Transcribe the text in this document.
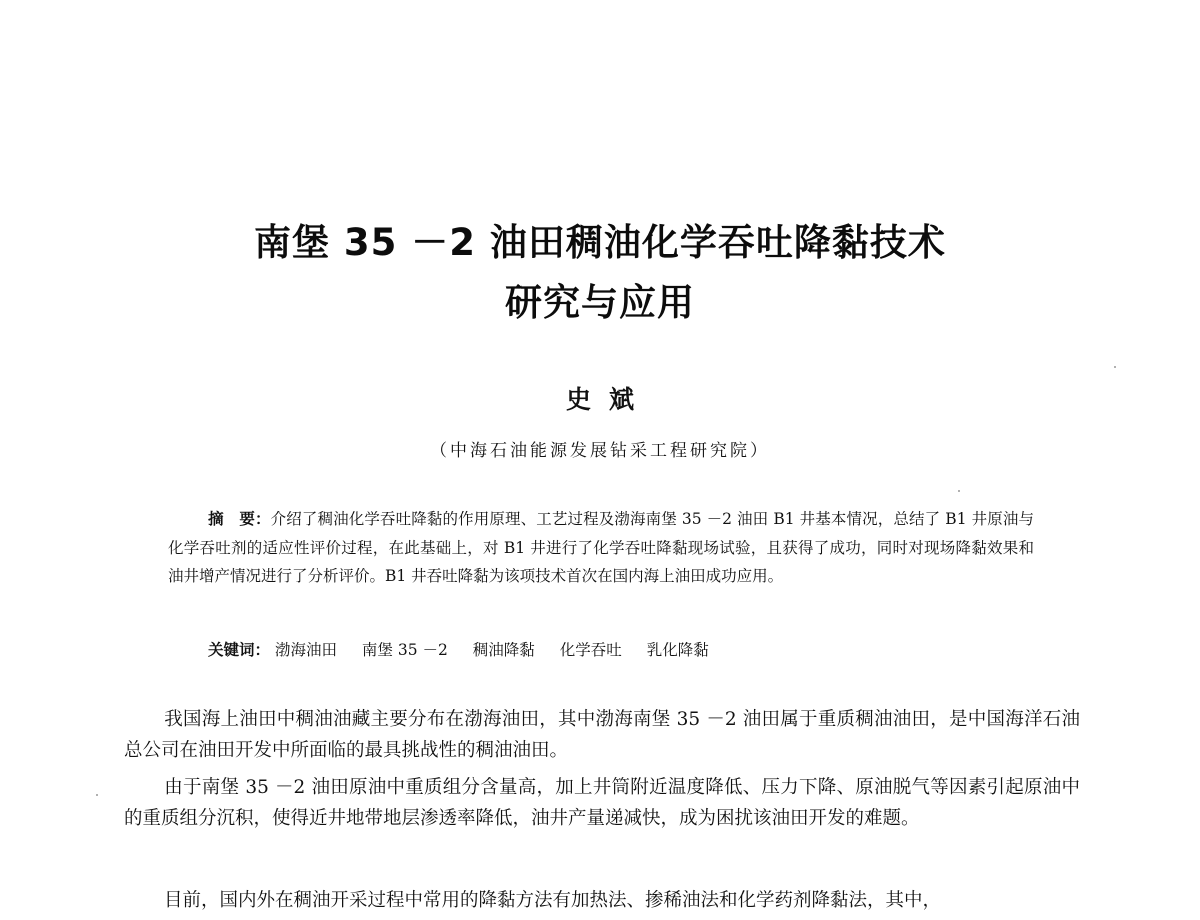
南堡 35 －2 油田稠油化学吞吐降黏技术
研究与应用
史斌
（中海石油能源发展钻采工程研究院）
摘　要：介绍了稠油化学吞吐降黏的作用原理、工艺过程及渤海南堡 35 －2 油田 B1 井基本情况，总结了 B1 井原油与化学吞吐剂的适应性评价过程，在此基础上，对 B1 井进行了化学吞吐降黏现场试验，且获得了成功，同时对现场降黏效果和油井增产情况进行了分析评价。B1 井吞吐降黏为该项技术首次在国内海上油田成功应用。
关键词： 渤海油田 南堡 35 －2 稠油降黏 化学吞吐 乳化降黏
我国海上油田中稠油油藏主要分布在渤海油田，其中渤海南堡 35 －2 油田属于重质稠油油田，是中国海洋石油总公司在油田开发中所面临的最具挑战性的稠油油田。
由于南堡 35 －2 油田原油中重质组分含量高，加上井筒附近温度降低、压力下降、原油脱气等因素引起原油中的重质组分沉积，使得近井地带地层渗透率降低，油井产量递减快，成为困扰该油田开发的难题。
目前，国内外在稠油开采过程中常用的降黏方法有加热法、掺稀油法和化学药剂降黏法，其中，
